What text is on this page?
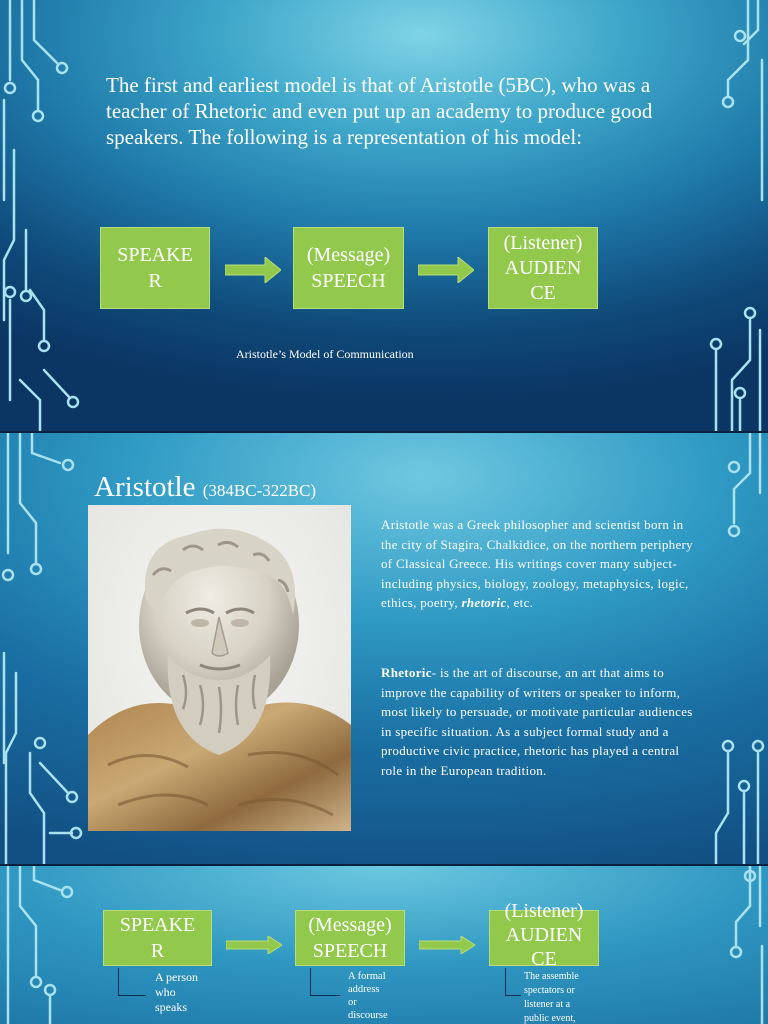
The first and earliest model is that of Aristotle (5BC), who was a teacher of Rhetoric and even put up an academy to produce good speakers. The following is a representation of his model:
SPEAKE
R
(Message)
SPEECH
(Listener)
AUDIEN
CE
Aristotle’s Model of Communication
Aristotle (384BC-322BC)
Aristotle was a Greek philosopher and scientist born in the city of Stagira, Chalkidice, on the northern periphery of Classical Greece. His writings cover many subject- including physics, biology, zoology, metaphysics, logic, ethics, poetry, rhetoric, etc.
Rhetoric- is the art of discourse, an art that aims to improve the capability of writers or speaker to inform, most likely to persuade, or motivate particular audiences in specific situation. As a subject formal study and a productive civic practice, rhetoric has played a central role in the European tradition.
SPEAKE
R
(Message)
SPEECH
(Listener)
AUDIEN
CE
A person
who
speaks
A formal
address
or
discourse
The assemble
spectators or
listener at a
public event,
